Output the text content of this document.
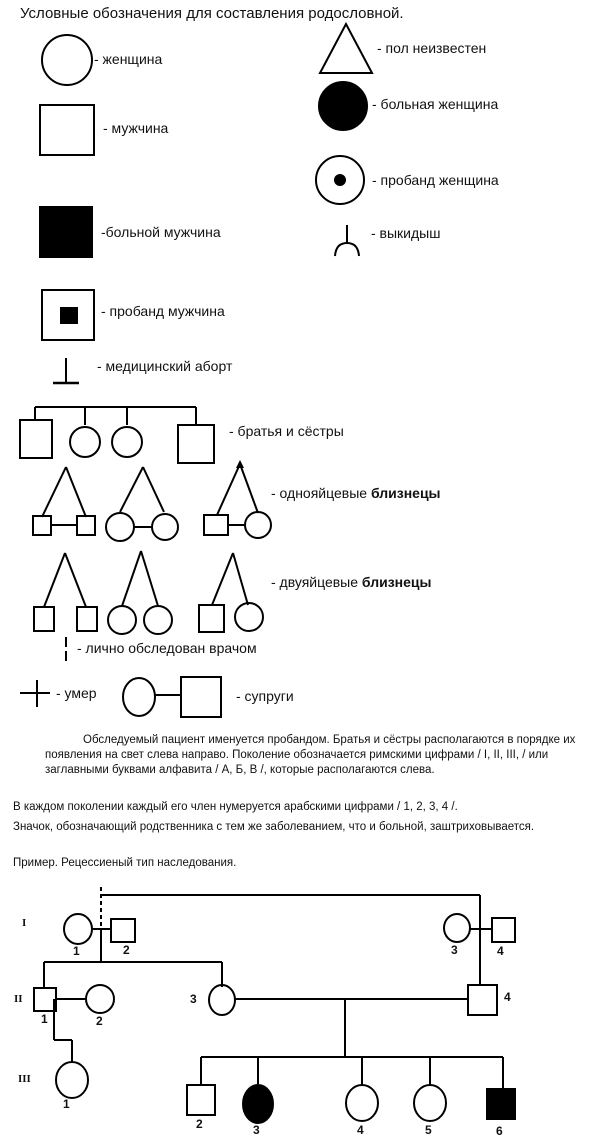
Условные обозначения для составления родословной.
- женщина
- пол неизвестен
- мужчина
- больная женщина
- пробанд женщина
-больной мужчина	- выкидыш
- пробанд мужчина
- медицинский аборт
- братья и сёстры
- однояйцевые близнецы
- двуяйцевые близнецы
- лично обследован врачом
- умер	- супруги
Обследуемый пациент именуется пробандом. Братья и сёстры располагаются в порядке их появления на свет слева направо. Поколение обозначается римскими цифрами / I, II, III, / или заглавными буквами алфавита / А, Б, В /, которые располагаются слева.
В каждом поколении каждый его член нумеруется арабскими цифрами / 1, 2, 3, 4 /.
Значок, обозначающий родственника с тем же заболеванием, что и больной, заштриховывается.
Пример. Рецессиеный тип наследования.
I
II
III
1	2	3	4
1	2
3	4
1
2	3	4	5	6
